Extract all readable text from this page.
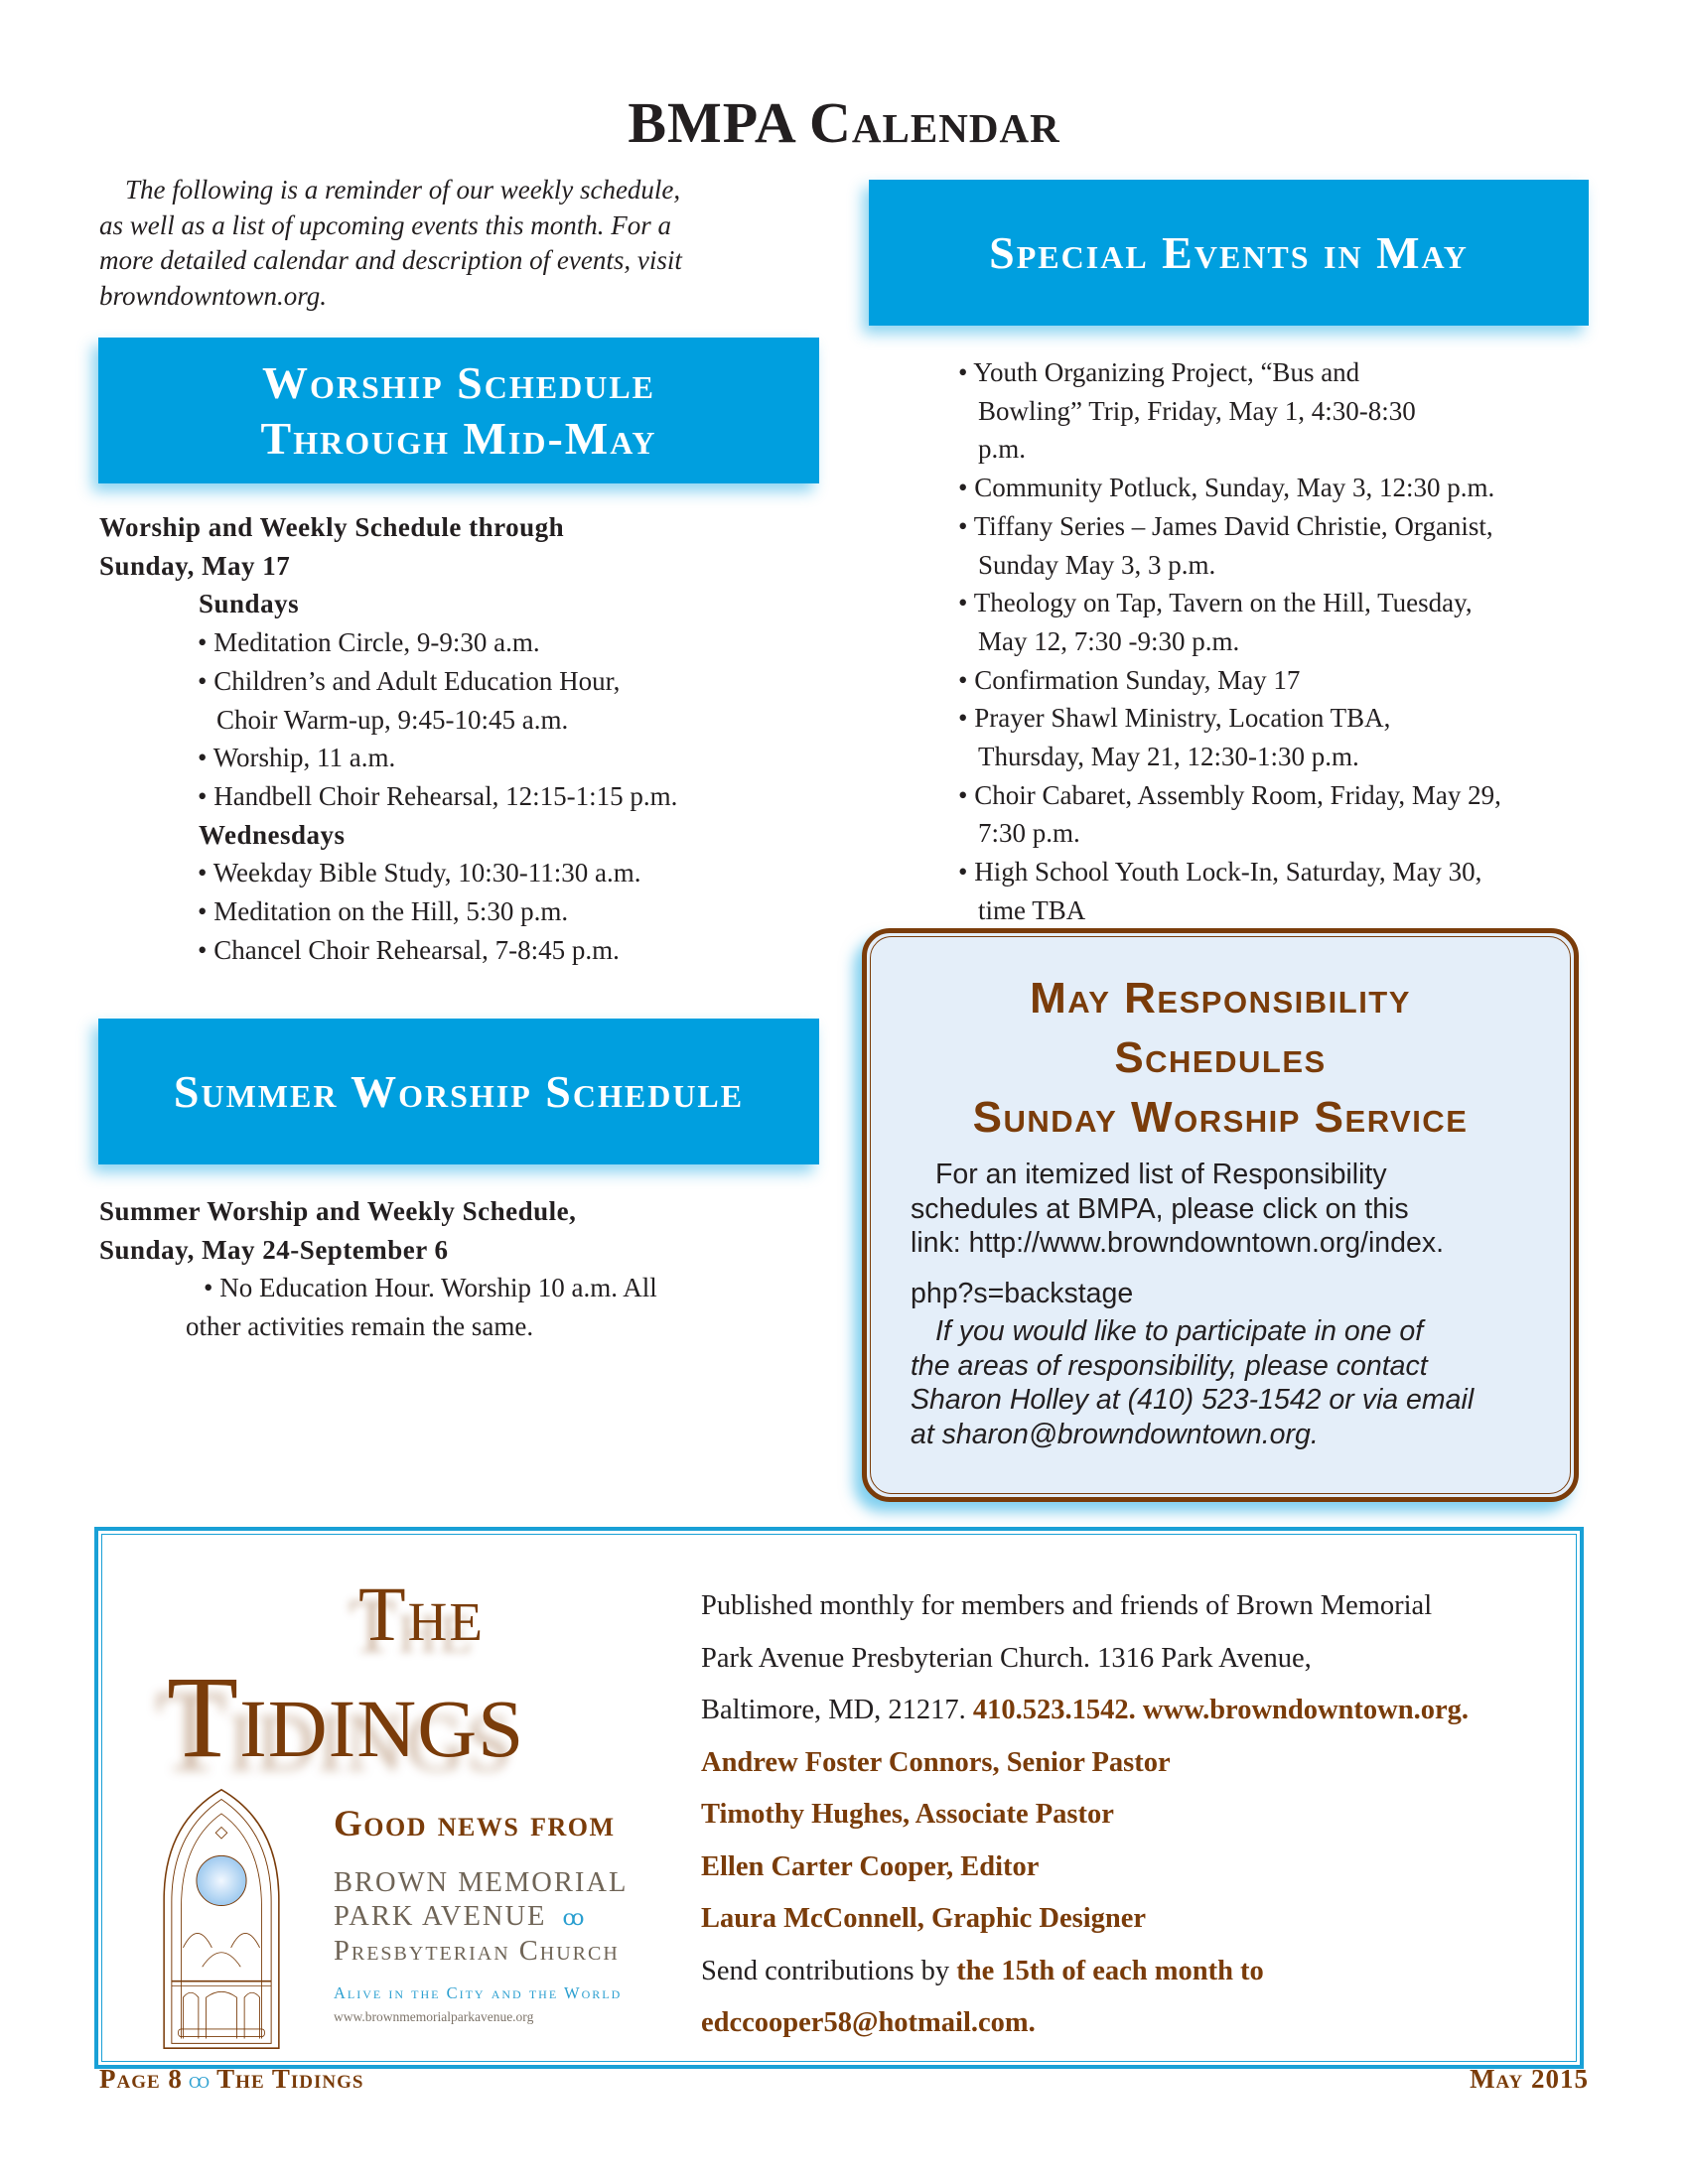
BMPA Calendar
The following is a reminder of our weekly schedule,
as well as a list of upcoming events this month. For a
more detailed calendar and description of events, visit
browndowntown.org.
Worship Schedule
Through Mid-May
Worship and Weekly Schedule through
Sunday, May 17
Sundays
• Meditation Circle, 9-9:30 a.m.
• Children’s and Adult Education Hour, Choir Warm-up, 9:45-10:45 a.m.
• Worship, 11 a.m.
• Handbell Choir Rehearsal, 12:15-1:15 p.m.
Wednesdays
• Weekday Bible Study, 10:30-11:30 a.m.
• Meditation on the Hill, 5:30 p.m.
• Chancel Choir Rehearsal, 7-8:45 p.m.
Special Events in May
• Youth Organizing Project, “Bus and Bowling” Trip, Friday, May 1, 4:30-8:30 p.m.
• Community Potluck, Sunday, May 3, 12:30 p.m.
• Tiffany Series – James David Christie, Organist, Sunday May 3, 3 p.m.
• Theology on Tap, Tavern on the Hill, Tuesday, May 12, 7:30 -9:30 p.m.
• Confirmation Sunday, May 17
• Prayer Shawl Ministry, Location TBA, Thursday, May 21, 12:30-1:30 p.m.
• Choir Cabaret, Assembly Room, Friday, May 29, 7:30 p.m.
• High School Youth Lock-In, Saturday, May 30, time TBA
Summer Worship Schedule
Summer Worship and Weekly Schedule,
Sunday, May 24-September 6
• No Education Hour. Worship 10 a.m. All
other activities remain the same.
May Responsibility
Schedules
Sunday Worship Service

For an itemized list of Responsibility

schedules at BMPA, please click on this

link: http://www.browndowntown.org/index.

php?s=backstage

If you would like to participate in one of

the areas of responsibility, please contact

Sharon Holley at (410) 523-1542 or via email

at sharon@browndowntown.org.

The
Tidings
Good news from
BROWN MEMORIAL
PARK AVENUE ꝏ
Presbyterian Church
Alive in the City and the World
www.brownmemorialparkavenue.org
Published monthly for members and friends of Brown Memorial
Park Avenue Presbyterian Church. 1316 Park Avenue,
Baltimore, MD, 21217. 410.523.1542. www.browndowntown.org.
Andrew Foster Connors, Senior Pastor
Timothy Hughes, Associate Pastor
Ellen Carter Cooper, Editor
Laura McConnell, Graphic Designer
Send contributions by the 15th of each month to
edccooper58@hotmail.com.
Page 8 ꝏ The Tidings	May 2015
